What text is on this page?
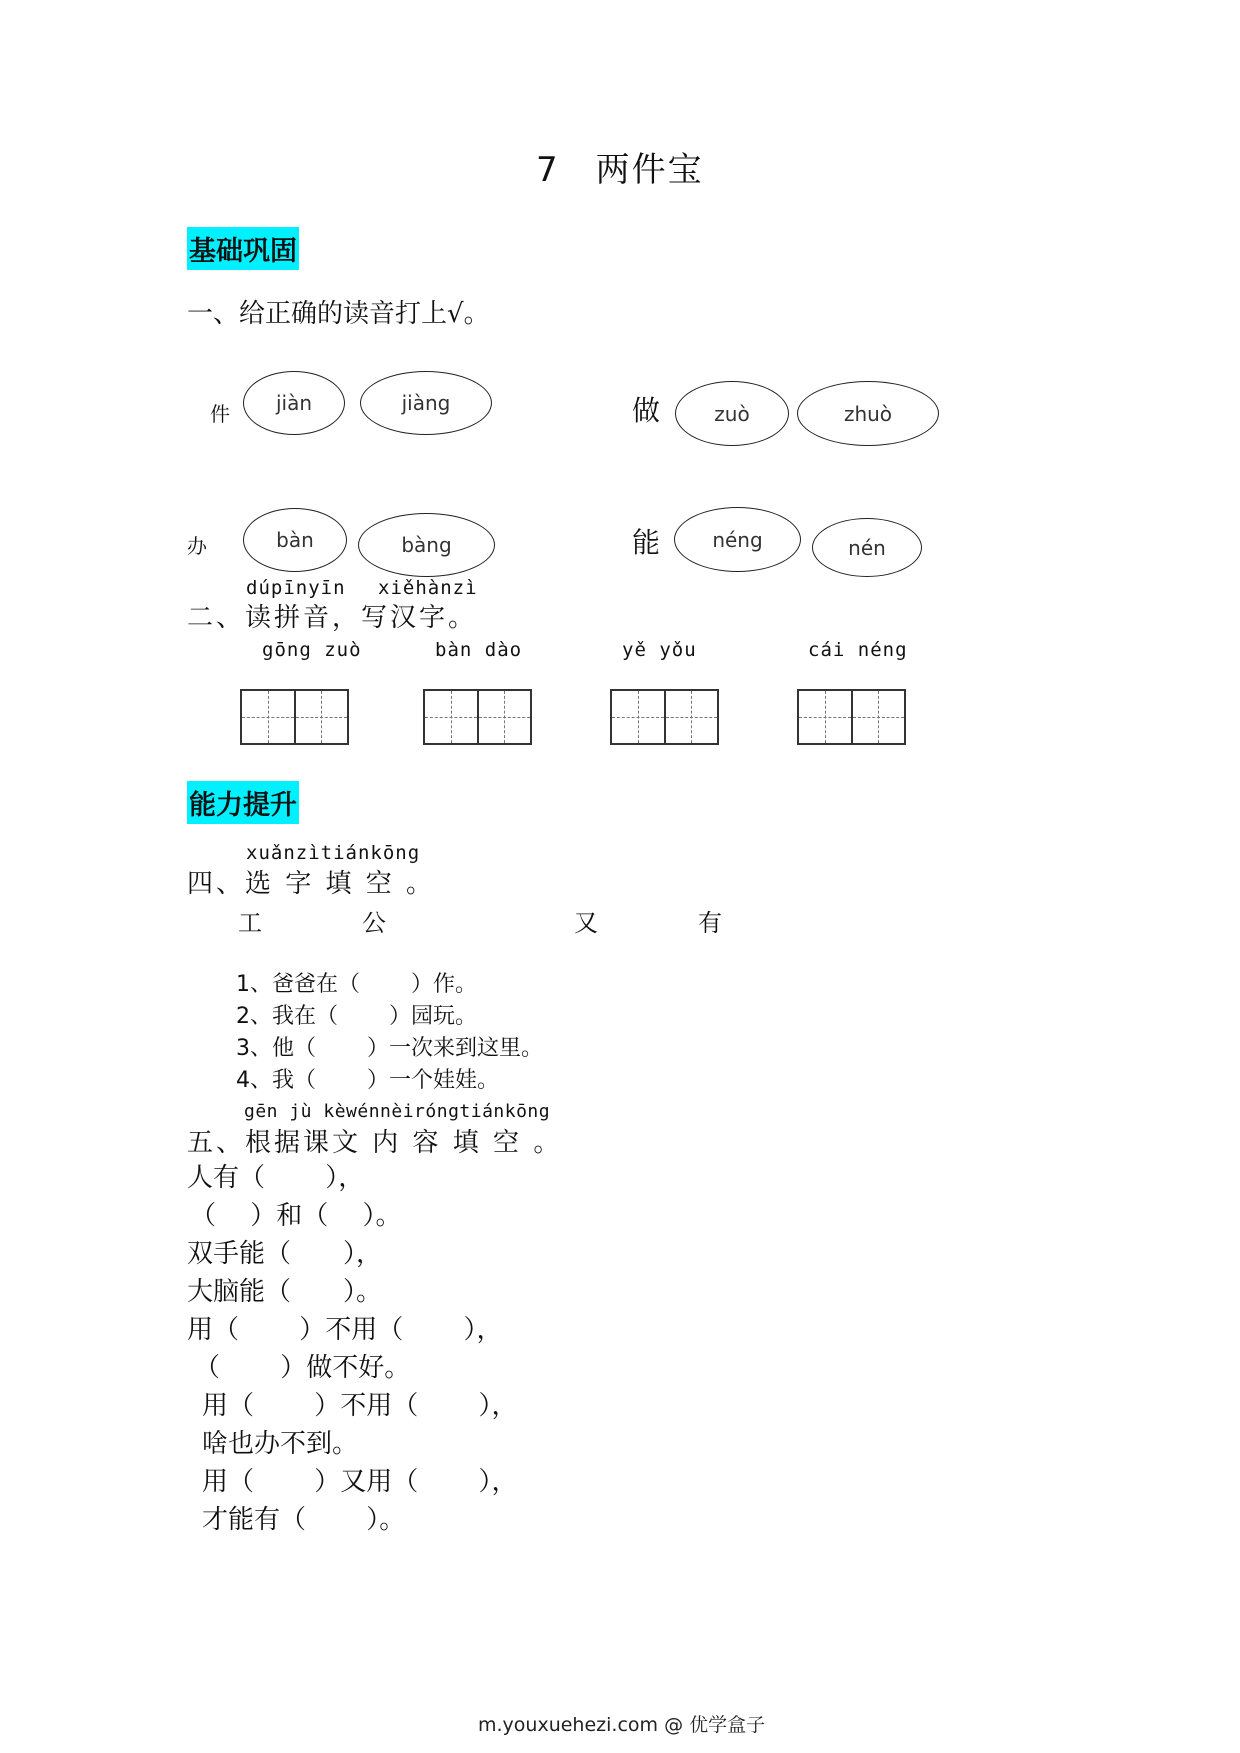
7　两件宝
基础巩固
一、给正确的读音打上√。
件	jiàn	jiàng	做	zuò	zhuò
办	bàn	bàng	能	néng	nén
dúpīnyīn xiěhànzì
二、读拼音，写汉字。
gōng zuò	bàn dào	yě yǒu	cái néng
能力提升
xuǎnzìtiánkōng
四、选 字 填 空 。
工	公	又	有
1、爸爸在（　　 ）作。
2、我在（　　 ）园玩。
3、他（　　 ）一次来到这里。
4、我（　　 ）一个娃娃。
gēn jù kèwénnèiróngtiánkōng
五、根据课文 内 容 填 空 。
人有（　　 ），
（　 ）和（　 ）。
双手能（　　），
大脑能（　　）。
用（　　 ）不用（　　 ），
（　　 ）做不好。
用（　　 ）不用（　　 ），
啥也办不到。
用（　　 ）又用（　　 ），
才能有（　　 ）。
m.youxuehezi.com @ 优学盒子
